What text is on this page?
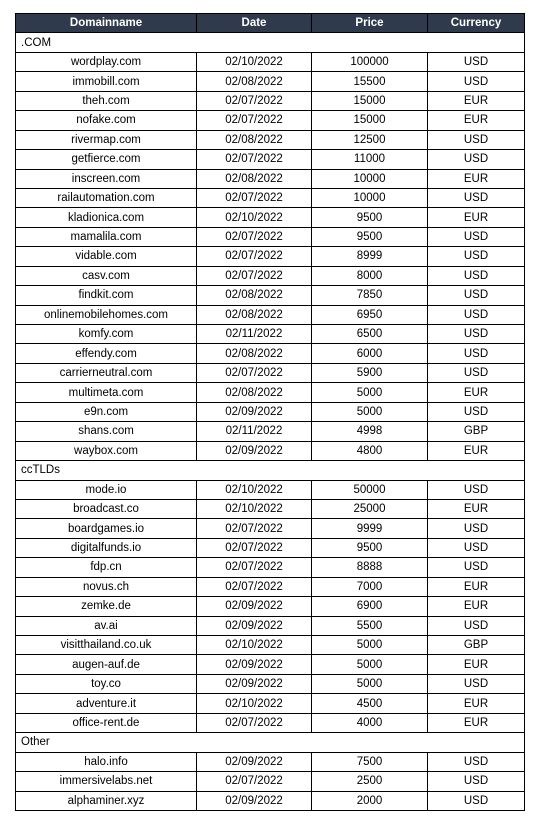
Domainname	Date	Price	Currency
.COM			
wordplay.com	02/10/2022	100000	USD
immobill.com	02/08/2022	15500	USD
theh.com	02/07/2022	15000	EUR
nofake.com	02/07/2022	15000	EUR
rivermap.com	02/08/2022	12500	USD
getfierce.com	02/07/2022	11000	USD
inscreen.com	02/08/2022	10000	EUR
railautomation.com	02/07/2022	10000	USD
kladionica.com	02/10/2022	9500	EUR
mamalila.com	02/07/2022	9500	USD
vidable.com	02/07/2022	8999	USD
casv.com	02/07/2022	8000	USD
findkit.com	02/08/2022	7850	USD
onlinemobilehomes.com	02/08/2022	6950	USD
komfy.com	02/11/2022	6500	USD
effendy.com	02/08/2022	6000	USD
carrierneutral.com	02/07/2022	5900	USD
multimeta.com	02/08/2022	5000	EUR
e9n.com	02/09/2022	5000	USD
shans.com	02/11/2022	4998	GBP
waybox.com	02/09/2022	4800	EUR
ccTLDs			
mode.io	02/10/2022	50000	USD
broadcast.co	02/10/2022	25000	EUR
boardgames.io	02/07/2022	9999	USD
digitalfunds.io	02/07/2022	9500	USD
fdp.cn	02/07/2022	8888	USD
novus.ch	02/07/2022	7000	EUR
zemke.de	02/09/2022	6900	EUR
av.ai	02/09/2022	5500	USD
visitthailand.co.uk	02/10/2022	5000	GBP
augen-auf.de	02/09/2022	5000	EUR
toy.co	02/09/2022	5000	USD
adventure.it	02/10/2022	4500	EUR
office-rent.de	02/07/2022	4000	EUR
Other			
halo.info	02/09/2022	7500	USD
immersivelabs.net	02/07/2022	2500	USD
alphaminer.xyz	02/09/2022	2000	USD
